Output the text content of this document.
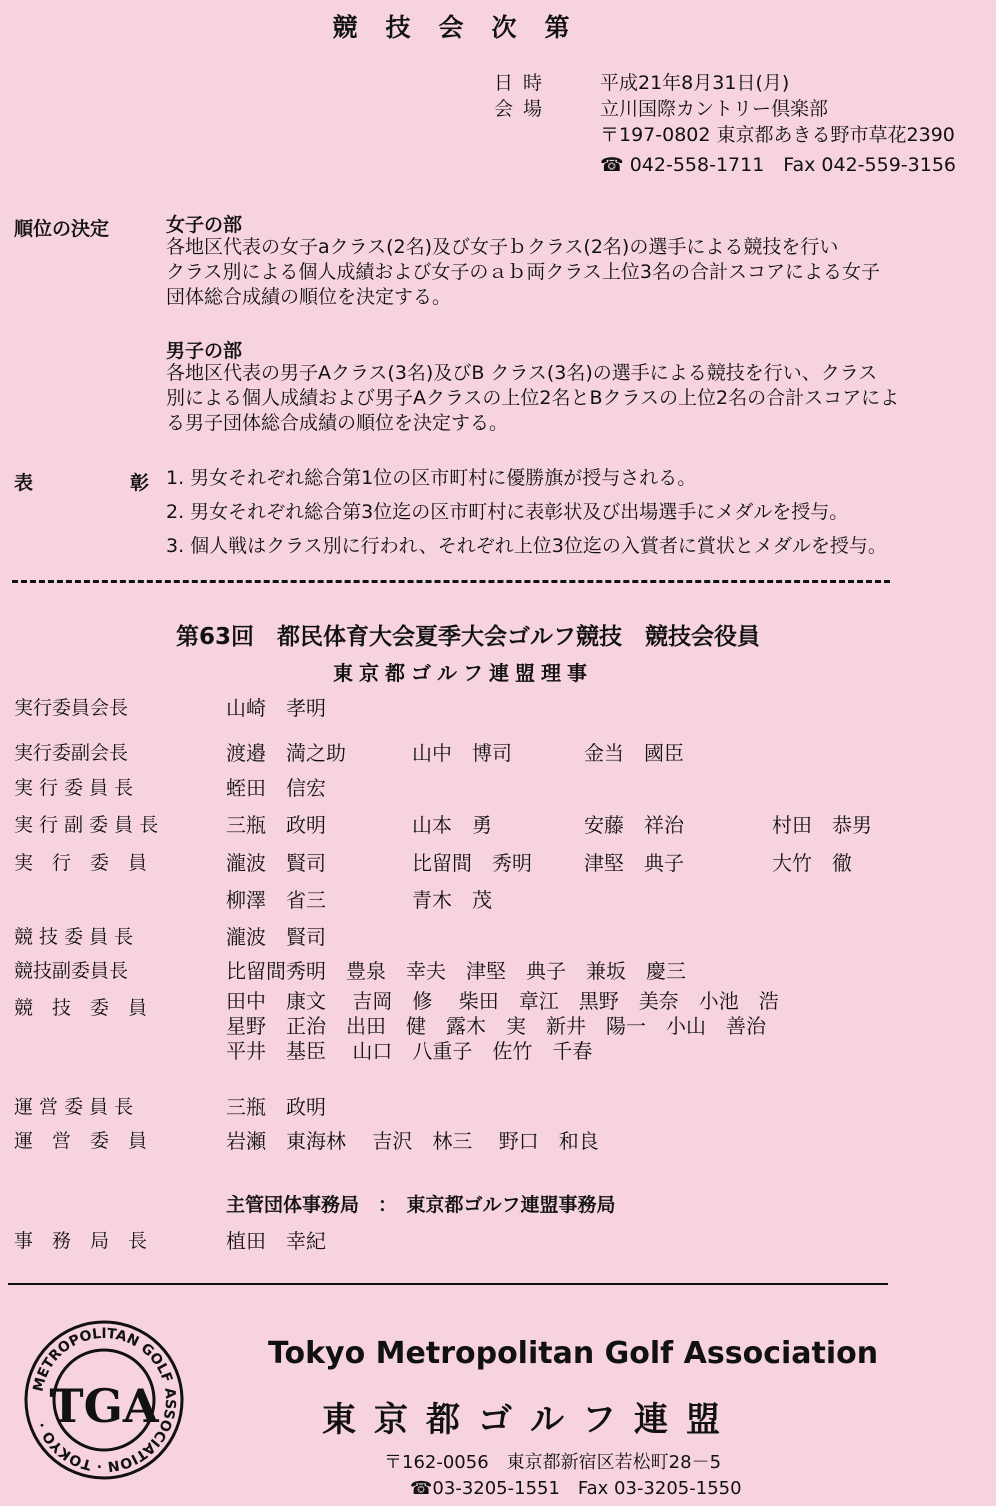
競技会次第
日時	平成21年8月31日(月)
会場	立川国際カントリー倶楽部
〒197-0802 東京都あきる野市草花2390
☎ 042-558-1711　Fax 042-559-3156
順位の決定	女子の部
各地区代表の女子aクラス(2名)及び女子ｂクラス(2名)の選手による競技を行い
クラス別による個人成績および女子のａｂ両クラス上位3名の合計スコアによる女子
団体総合成績の順位を決定する。
男子の部
各地区代表の男子Aクラス(3名)及びB クラス(3名)の選手による競技を行い、クラス
別による個人成績および男子Aクラスの上位2名とBクラスの上位2名の合計スコアによ
る男子団体総合成績の順位を決定する。
表	彰 1. 男女それぞれ総合第1位の区市町村に優勝旗が授与される。
2. 男女それぞれ総合第3位迄の区市町村に表彰状及び出場選手にメダルを授与。
3. 個人戦はクラス別に行われ、それぞれ上位3位迄の入賞者に賞状とメダルを授与。
第63回　都民体育大会夏季大会ゴルフ競技　競技会役員
東京都ゴルフ連盟理事
実行委員会長	山崎　孝明
実行委副会長	渡邉　満之助	山中　博司	金当　國臣
実 行 委 員 長	蛭田　信宏
実 行 副 委 員 長	三瓶　政明	山本　勇	安藤　祥治	村田　恭男
実　行　委　員	瀧波　賢司	比留間　秀明	津堅　典子	大竹　徹
柳澤　省三	青木　茂
競 技 委 員 長	瀧波　賢司
競技副委員長	比留間秀明　豊泉　幸夫　津堅　典子　兼坂　慶三
競　技　委　員	田中　康文　 吉岡　修 　柴田　章江　黒野　美奈　小池　浩
星野　正治　出田　健　露木　実　新井　陽一　小山　善治
平井　基臣　 山口　八重子　佐竹　千春
運 営 委 員 長	三瓶　政明
運　営　委　員	岩瀬　東海林　 吉沢　林三　 野口　和良
主管団体事務局　：　東京都ゴルフ連盟事務局
事　務　局　長	植田　幸紀
METROPOLITAN GOLF ASSOCIATION · TOKYO ·
TGA
Tokyo Metropolitan Golf Association
東京都ゴルフ連盟
〒162-0056　東京都新宿区若松町28－5
☎03-3205-1551　Fax 03-3205-1550
